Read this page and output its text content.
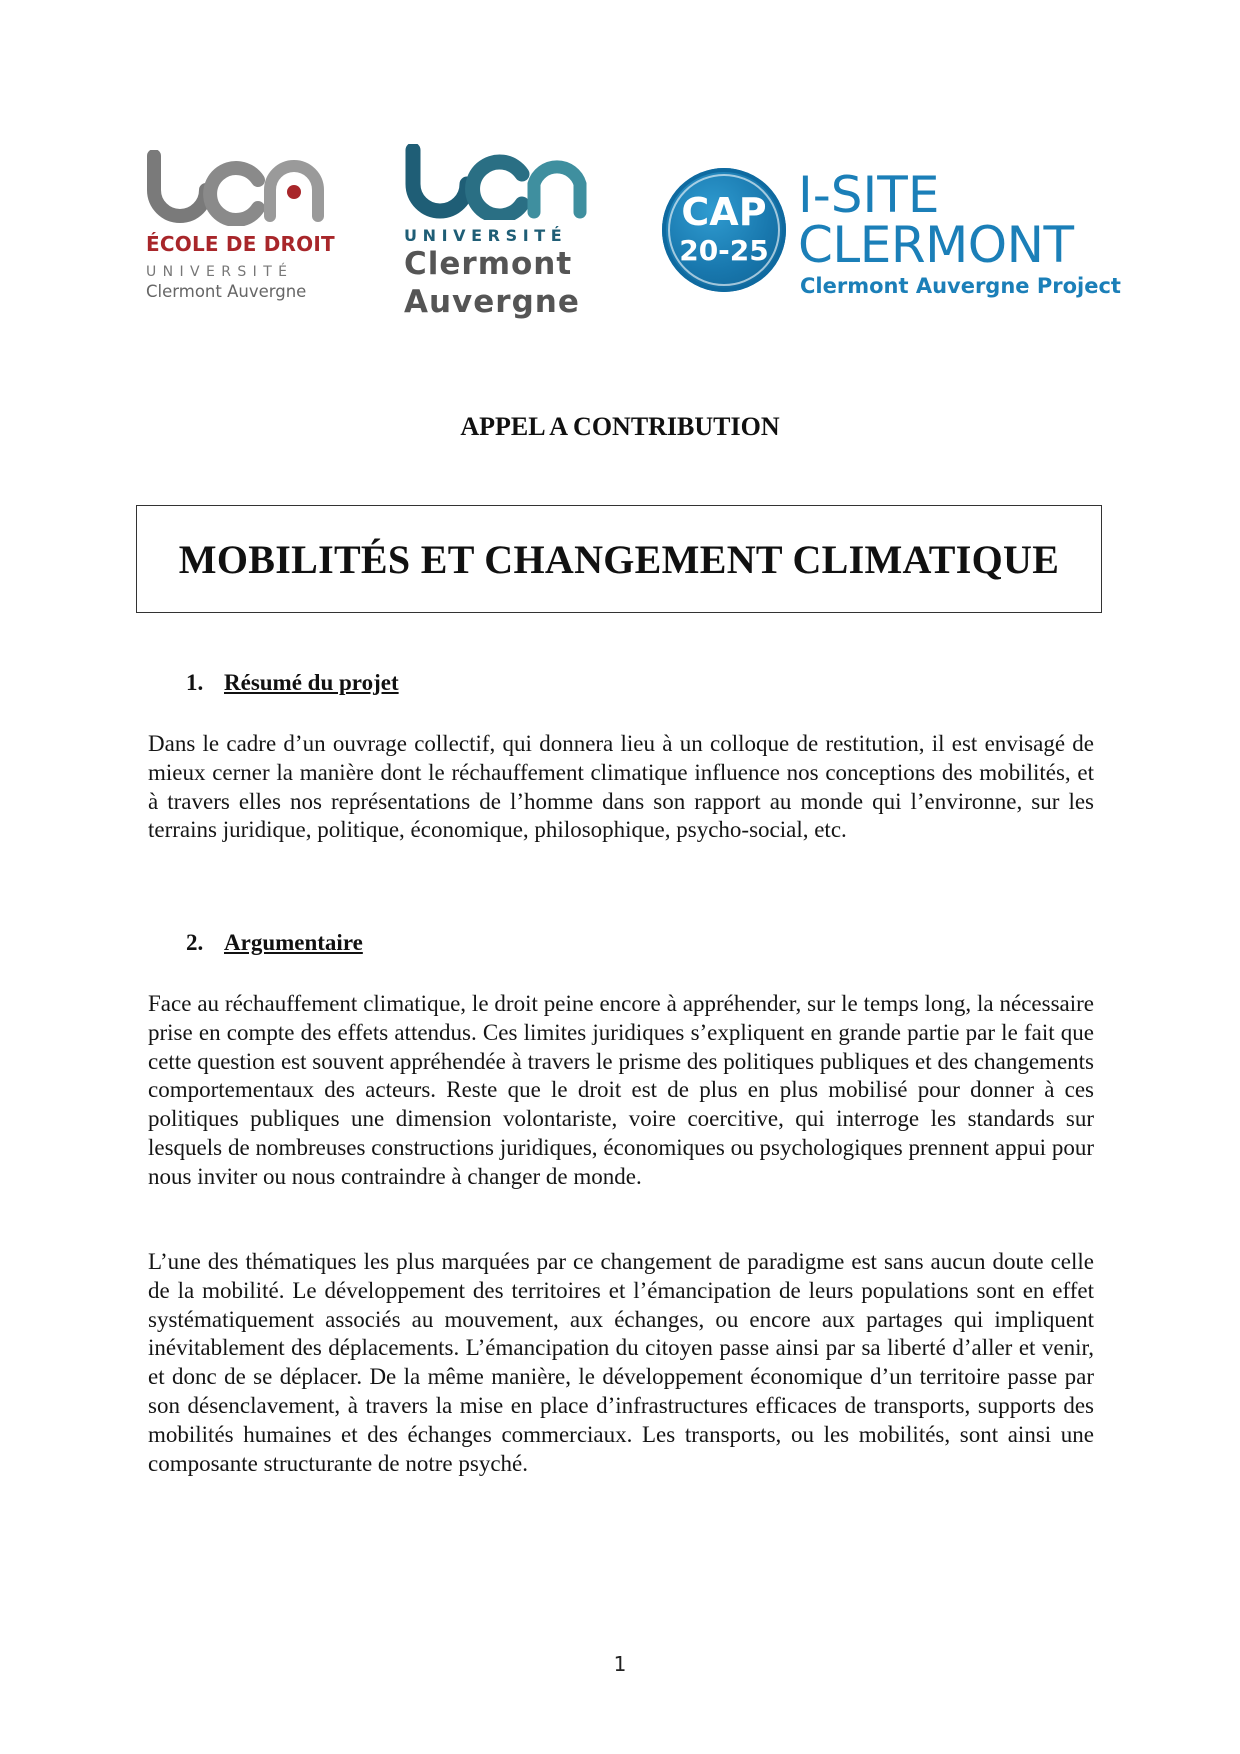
ÉCOLE DE DROIT
UNIVERSITÉ
Clermont Auvergne
UNIVERSITÉ
Clermont
Auvergne
CAP
20-25
I-SITE
CLERMONT
Clermont Auvergne Project
APPEL A CONTRIBUTION
MOBILITÉS ET CHANGEMENT CLIMATIQUE
1. Résumé du projet

Dans le cadre d’un ouvrage collectif, qui donnera lieu à un colloque de restitution, il est envisagé de mieux cerner la manière dont le réchauffement climatique influence nos conceptions des mobilités, et à travers elles nos représentations de l’homme dans son rapport au monde qui l’environne, sur les terrains juridique, politique, économique, philosophique, psycho-social, etc.

2. Argumentaire

Face au réchauffement climatique, le droit peine encore à appréhender, sur le temps long, la nécessaire prise en compte des effets attendus. Ces limites juridiques s’expliquent en grande partie par le fait que cette question est souvent appréhendée à travers le prisme des politiques publiques et des changements comportementaux des acteurs. Reste que le droit est de plus en plus mobilisé pour donner à ces politiques publiques une dimension volontariste, voire coercitive, qui interroge les standards sur lesquels de nombreuses constructions juridiques, économiques ou psychologiques prennent appui pour nous inviter ou nous contraindre à changer de monde.

L’une des thématiques les plus marquées par ce changement de paradigme est sans aucun doute celle de la mobilité. Le développement des territoires et l’émancipation de leurs populations sont en effet systématiquement associés au mouvement, aux échanges, ou encore aux partages qui impliquent inévitablement des déplacements. L’émancipation du citoyen passe ainsi par sa liberté d’aller et venir, et donc de se déplacer. De la même manière, le développement économique d’un territoire passe par son désenclavement, à travers la mise en place d’infrastructures efficaces de transports, supports des mobilités humaines et des échanges commerciaux. Les transports, ou les mobilités, sont ainsi une composante structurante de notre psyché.

1
